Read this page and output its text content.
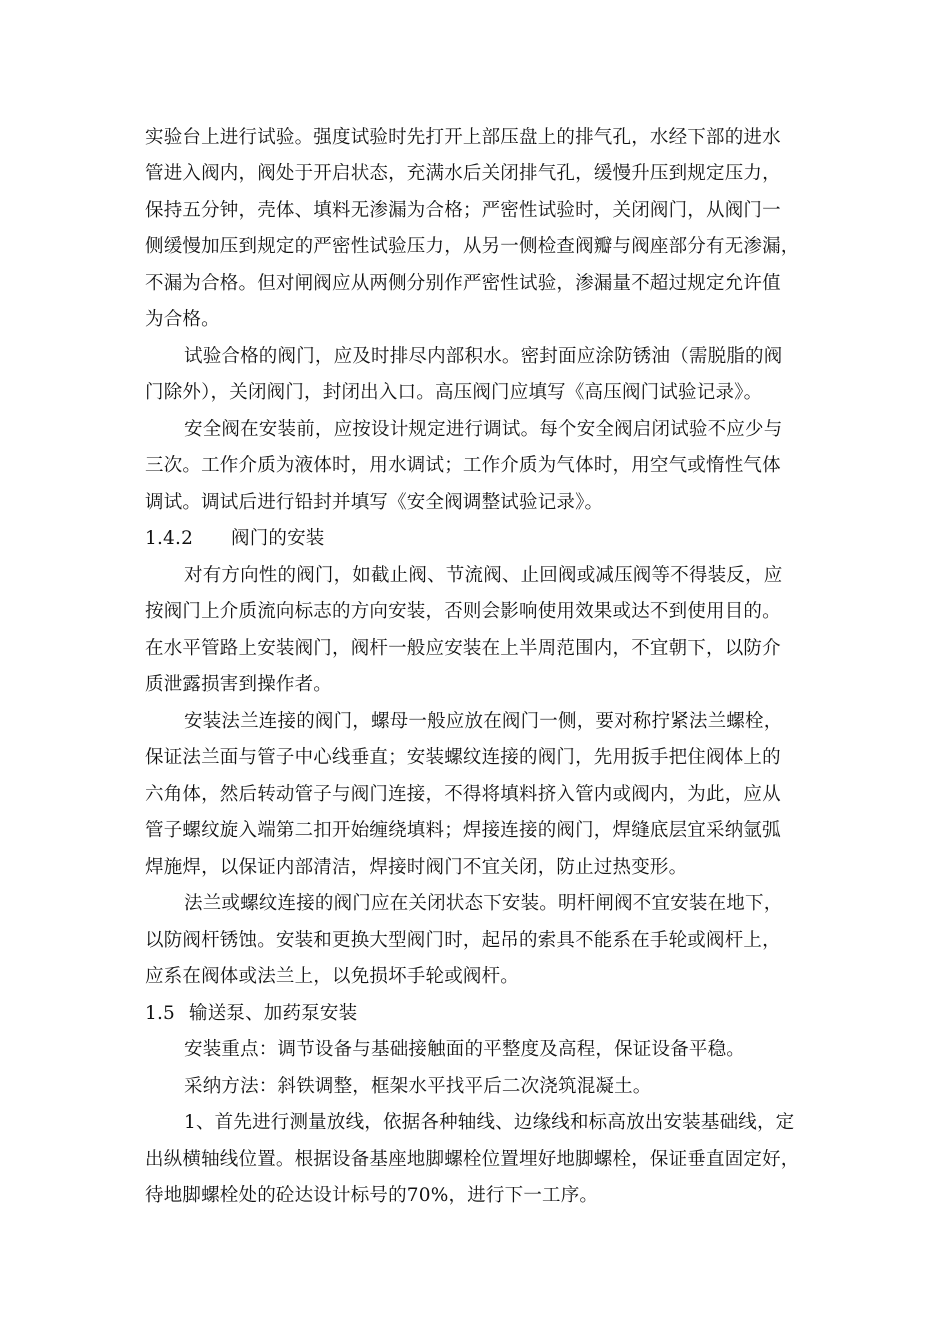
实验台上进行试验。强度试验时先打开上部压盘上的排气孔，水经下部的进水
管进入阀内，阀处于开启状态，充满水后关闭排气孔，缓慢升压到规定压力，
保持五分钟，壳体、填料无渗漏为合格；严密性试验时，关闭阀门，从阀门一
侧缓慢加压到规定的严密性试验压力，从另一侧检查阀瓣与阀座部分有无渗漏，
不漏为合格。但对闸阀应从两侧分别作严密性试验，渗漏量不超过规定允许值
为合格。
试验合格的阀门，应及时排尽内部积水。密封面应涂防锈油（需脱脂的阀
门除外），关闭阀门，封闭出入口。高压阀门应填写《高压阀门试验记录》。
安全阀在安装前，应按设计规定进行调试。每个安全阀启闭试验不应少与
三次。工作介质为液体时，用水调试；工作介质为气体时，用空气或惰性气体
调试。调试后进行铅封并填写《安全阀调整试验记录》。
1.4.2 阀门的安装
对有方向性的阀门，如截止阀、节流阀、止回阀或减压阀等不得装反，应
按阀门上介质流向标志的方向安装，否则会影响使用效果或达不到使用目的。
在水平管路上安装阀门，阀杆一般应安装在上半周范围内，不宜朝下，以防介
质泄露损害到操作者。
安装法兰连接的阀门，螺母一般应放在阀门一侧，要对称拧紧法兰螺栓，
保证法兰面与管子中心线垂直；安装螺纹连接的阀门，先用扳手把住阀体上的
六角体，然后转动管子与阀门连接，不得将填料挤入管内或阀内，为此，应从
管子螺纹旋入端第二扣开始缠绕填料；焊接连接的阀门，焊缝底层宜采纳氩弧
焊施焊，以保证内部清洁，焊接时阀门不宜关闭，防止过热变形。
法兰或螺纹连接的阀门应在关闭状态下安装。明杆闸阀不宜安装在地下，
以防阀杆锈蚀。安装和更换大型阀门时，起吊的索具不能系在手轮或阀杆上，
应系在阀体或法兰上，以免损坏手轮或阀杆。
1.5 输送泵、加药泵安装
安装重点：调节设备与基础接触面的平整度及高程，保证设备平稳。
采纳方法：斜铁调整，框架水平找平后二次浇筑混凝土。
1、首先进行测量放线，依据各种轴线、边缘线和标高放出安装基础线，定
出纵横轴线位置。根据设备基座地脚螺栓位置埋好地脚螺栓，保证垂直固定好，
待地脚螺栓处的砼达设计标号的70%，进行下一工序。
